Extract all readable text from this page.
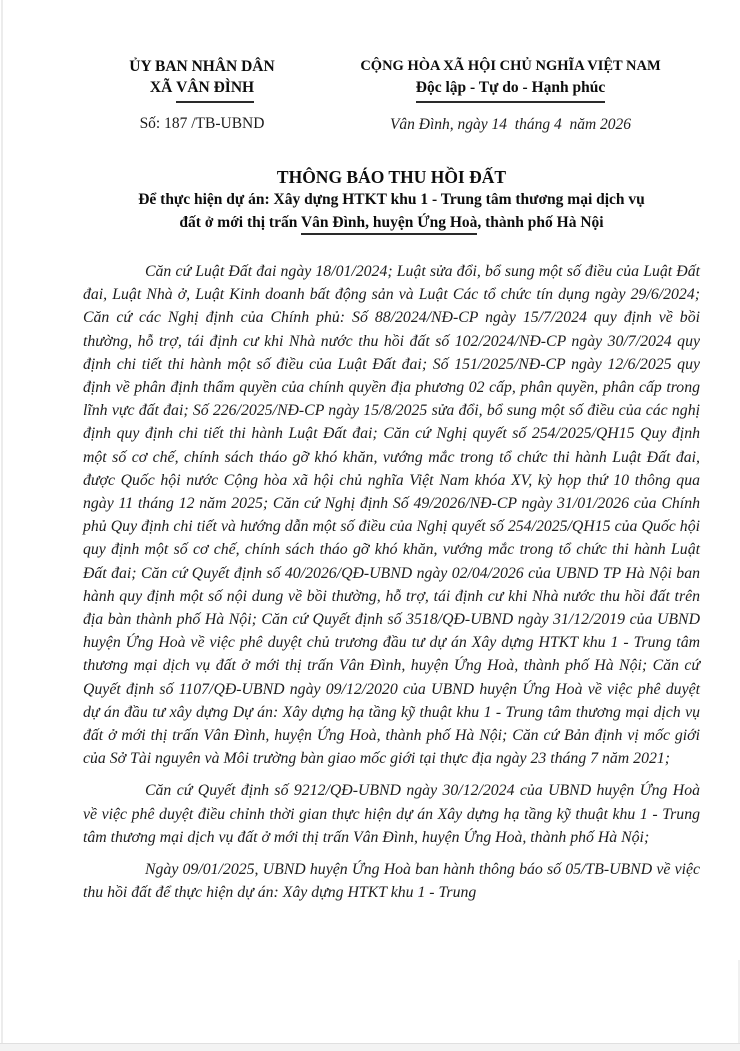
ỦY BAN NHÂN DÂN
XÃ VÂN ĐÌNH
Số: 187 /TB-UBND
CỘNG HÒA XÃ HỘI CHỦ NGHĨA VIỆT NAM
Độc lập - Tự do - Hạnh phúc
Vân Đình, ngày 14  tháng 4  năm 2026
THÔNG BÁO THU HỒI ĐẤT
Để thực hiện dự án: Xây dựng HTKT khu 1 - Trung tâm thương mại dịch vụ
đất ở mới thị trấn Vân Đình, huyện Ứng Hoà, thành phố Hà Nội

Căn cứ Luật Đất đai ngày 18/01/2024; Luật sửa đổi, bổ sung một số điều của Luật Đất đai, Luật Nhà ở, Luật Kinh doanh bất động sản và Luật Các tổ chức tín dụng ngày 29/6/2024; Căn cứ các Nghị định của Chính phủ: Số 88/2024/NĐ-CP ngày 15/7/2024 quy định về bồi thường, hỗ trợ, tái định cư khi Nhà nước thu hồi đất số 102/2024/NĐ-CP ngày 30/7/2024 quy định chi tiết thi hành một số điều của Luật Đất đai; Số 151/2025/NĐ-CP ngày 12/6/2025 quy định về phân định thẩm quyền của chính quyền địa phương 02 cấp, phân quyền, phân cấp trong lĩnh vực đất đai; Số 226/2025/NĐ-CP ngày 15/8/2025 sửa đổi, bổ sung một số điều của các nghị định quy định chi tiết thi hành Luật Đất đai; Căn cứ Nghị quyết số 254/2025/QH15 Quy định một số cơ chế, chính sách tháo gỡ khó khăn, vướng mắc trong tổ chức thi hành Luật Đất đai, được Quốc hội nước Cộng hòa xã hội chủ nghĩa Việt Nam khóa XV, kỳ họp thứ 10 thông qua ngày 11 tháng 12 năm 2025; Căn cứ Nghị định Số 49/2026/NĐ-CP ngày 31/01/2026 của Chính phủ Quy định chi tiết và hướng dẫn một số điều của Nghị quyết số 254/2025/QH15 của Quốc hội quy định một số cơ chế, chính sách tháo gỡ khó khăn, vướng mắc trong tổ chức thi hành Luật Đất đai; Căn cứ Quyết định số 40/2026/QĐ-UBND ngày 02/04/2026 của UBND TP Hà Nội ban hành quy định một số nội dung về bồi thường, hỗ trợ, tái định cư khi Nhà nước thu hồi đất trên địa bàn thành phố Hà Nội; Căn cứ Quyết định số 3518/QĐ-UBND ngày 31/12/2019 của UBND huyện Ứng Hoà về việc phê duyệt chủ trương đầu tư dự án Xây dựng HTKT khu 1 - Trung tâm thương mại dịch vụ đất ở mới thị trấn Vân Đình, huyện Ứng Hoà, thành phố Hà Nội; Căn cứ Quyết định số 1107/QĐ-UBND ngày 09/12/2020 của UBND huyện Ứng Hoà về việc phê duyệt dự án đầu tư xây dựng Dự án: Xây dựng hạ tầng kỹ thuật khu 1 - Trung tâm thương mại dịch vụ đất ở mới thị trấn Vân Đình, huyện Ứng Hoà, thành phố Hà Nội; Căn cứ Bản định vị mốc giới của Sở Tài nguyên và Môi trường bàn giao mốc giới tại thực địa ngày 23 tháng 7 năm 2021;

Căn cứ Quyết định số 9212/QĐ-UBND ngày 30/12/2024 của UBND huyện Ứng Hoà về việc phê duyệt điều chỉnh thời gian thực hiện dự án Xây dựng hạ tầng kỹ thuật khu 1 - Trung tâm thương mại dịch vụ đất ở mới thị trấn Vân Đình, huyện Ứng Hoà, thành phố Hà Nội;

Ngày 09/01/2025, UBND huyện Ứng Hoà ban hành thông báo số 05/TB-UBND về việc thu hồi đất để thực hiện dự án: Xây dựng HTKT khu 1 - Trung
